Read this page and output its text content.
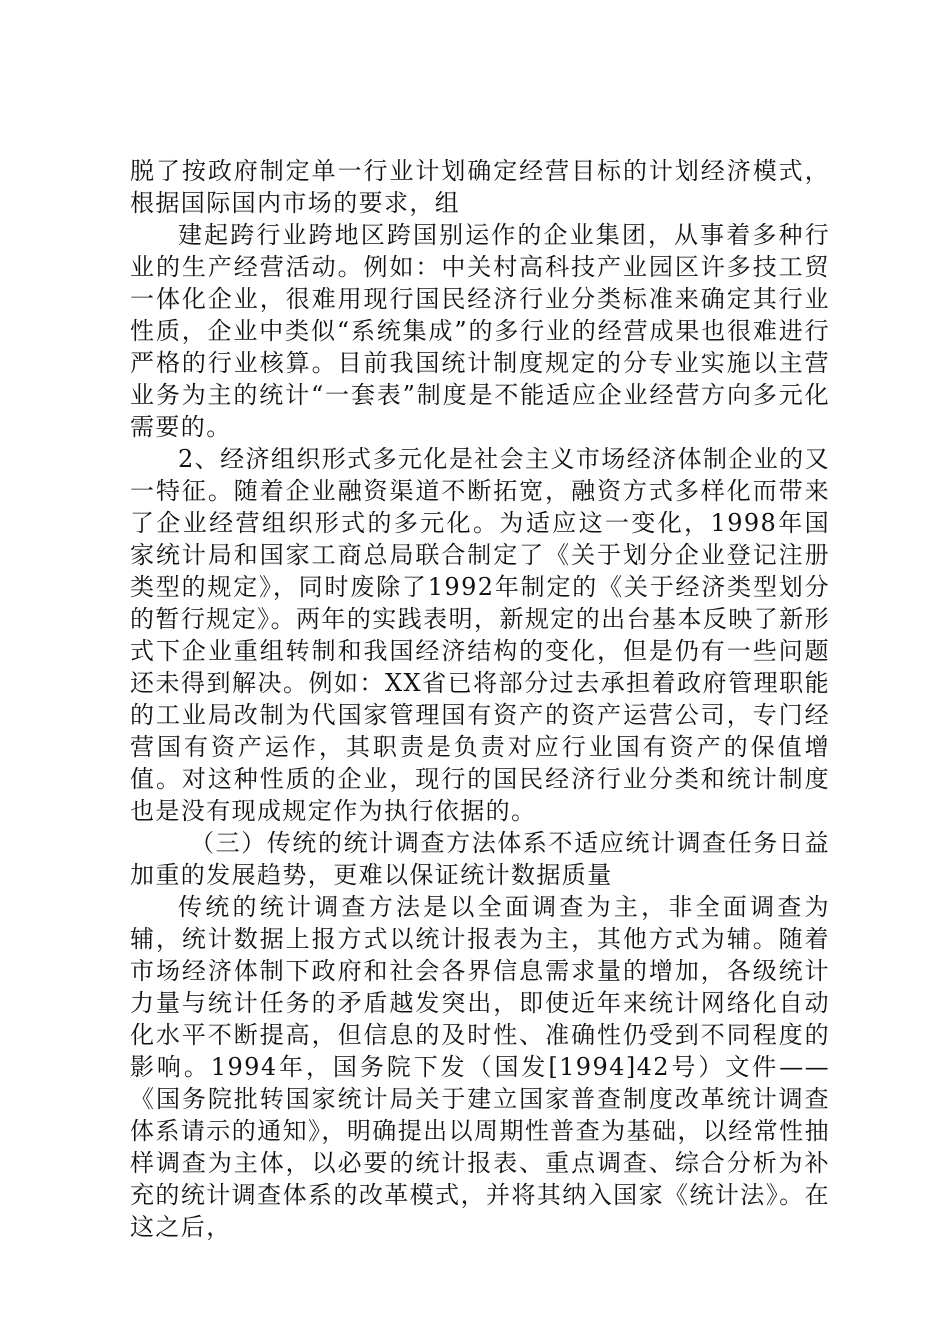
脱了按政府制定单一行业计划确定经营目标的计划经济模式，根据国际国内市场的要求，组

建起跨行业跨地区跨国别运作的企业集团，从事着多种行业的生产经营活动。例如：中关村高科技产业园区许多技工贸一体化企业，很难用现行国民经济行业分类标准来确定其行业性质，企业中类似“系统集成”的多行业的经营成果也很难进行严格的行业核算。目前我国统计制度规定的分专业实施以主营业务为主的统计“一套表”制度是不能适应企业经营方向多元化需要的。

2、经济组织形式多元化是社会主义市场经济体制企业的又一特征。随着企业融资渠道不断拓宽，融资方式多样化而带来了企业经营组织形式的多元化。为适应这一变化，1998年国家统计局和国家工商总局联合制定了《关于划分企业登记注册类型的规定》，同时废除了1992年制定的《关于经济类型划分的暂行规定》。两年的实践表明，新规定的出台基本反映了新形式下企业重组转制和我国经济结构的变化，但是仍有一些问题还未得到解决。例如：XX省已将部分过去承担着政府管理职能的工业局改制为代国家管理国有资产的资产运营公司，专门经营国有资产运作，其职责是负责对应行业国有资产的保值增值。对这种性质的企业，现行的国民经济行业分类和统计制度也是没有现成规定作为执行依据的。

（三）传统的统计调查方法体系不适应统计调查任务日益加重的发展趋势，更难以保证统计数据质量

传统的统计调查方法是以全面调查为主，非全面调查为辅，统计数据上报方式以统计报表为主，其他方式为辅。随着市场经济体制下政府和社会各界信息需求量的增加，各级统计力量与统计任务的矛盾越发突出，即使近年来统计网络化自动化水平不断提高，但信息的及时性、准确性仍受到不同程度的影响。1994年，国务院下发（国发[1994]42号）文件——《国务院批转国家统计局关于建立国家普查制度改革统计调查体系请示的通知》，明确提出以周期性普查为基础，以经常性抽样调查为主体，以必要的统计报表、重点调查、综合分析为补充的统计调查体系的改革模式，并将其纳入国家《统计法》。在这之后，
